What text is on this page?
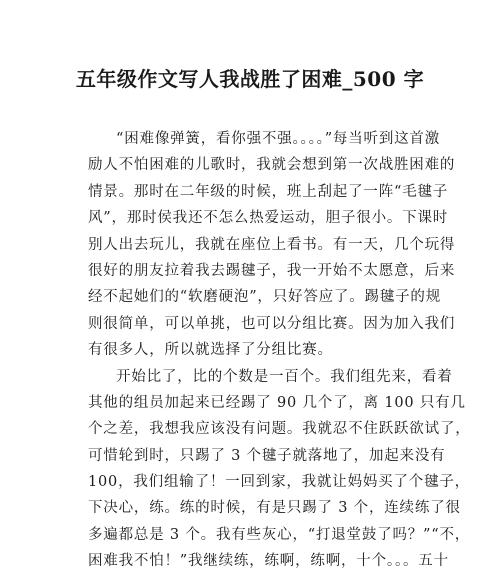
五年级作文写人我战胜了困难_500 字
“困难像弹簧，看你强不强。。。。”每当听到这首激
励人不怕困难的儿歌时，我就会想到第一次战胜困难的
情景。那时在二年级的时候，班上刮起了一阵“毛毽子
风”，那时侯我还不怎么热爱运动，胆子很小。下课时
别人出去玩儿，我就在座位上看书。有一天，几个玩得
很好的朋友拉着我去踢毽子，我一开始不太愿意，后来
经不起她们的“软磨硬泡”，只好答应了。踢毽子的规
则很简单，可以单挑，也可以分组比赛。因为加入我们
有很多人，所以就选择了分组比赛。
开始比了，比的个数是一百个。我们组先来，看着
其他的组员加起来已经踢了 90 几个了，离 100 只有几
个之差，我想我应该没有问题。我就忍不住跃跃欲试了，
可惜轮到时，只踢了 3 个毽子就落地了，加起来没有
100，我们组输了！一回到家，我就让妈妈买了个毽子，
下决心，练。练的时候，有是只踢了 3 个，连续练了很
多遍都总是 3 个。我有些灰心，“打退堂鼓了吗？”“不，
困难我不怕！”我继续练，练啊，练啊，十个。。。五十
